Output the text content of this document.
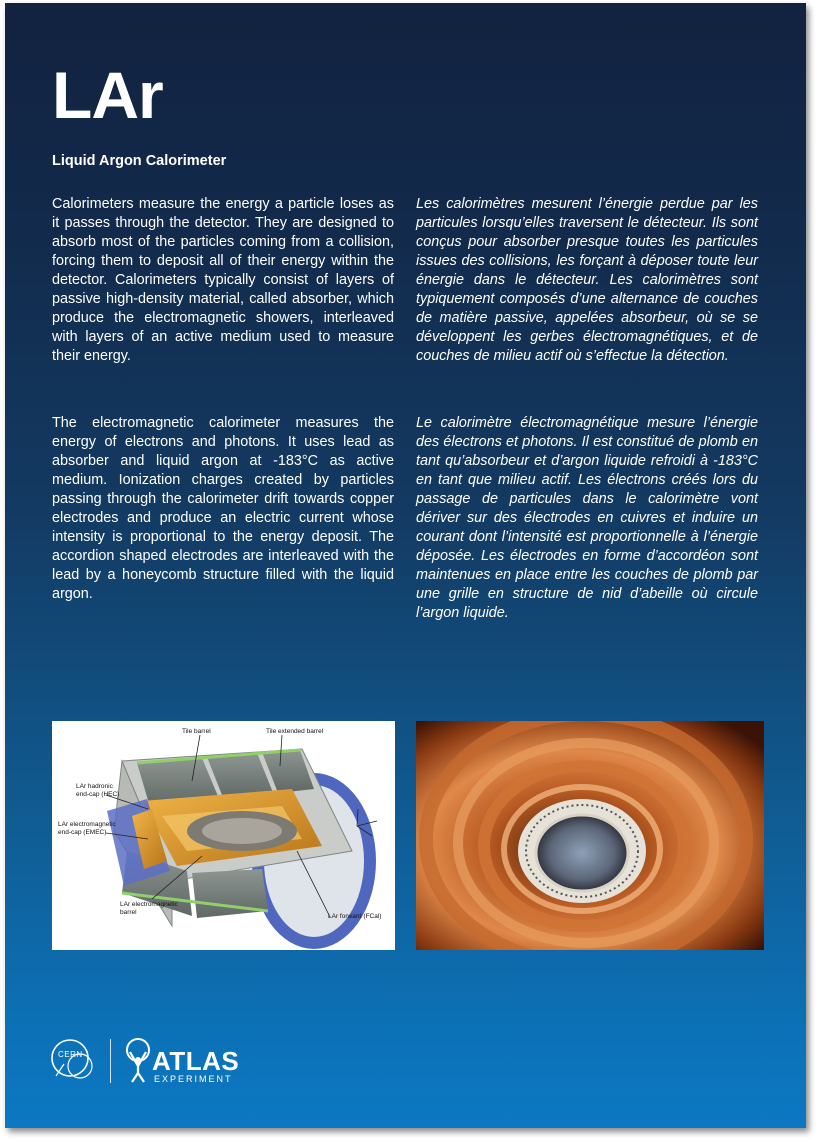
LAr
Liquid Argon Calorimeter
Calorimeters measure the energy a particle loses as it passes through the detector. They are designed to absorb most of the particles coming from a collision, forcing them to deposit all of their energy within the detector. Calorimeters typically consist of layers of passive high-density material, called absorber, which produce the electromagnetic showers, interleaved with layers of an active medium used to measure their energy.
Les calorimètres mesurent l’énergie perdue par les particules lorsqu’elles traversent le détecteur. Ils sont conçus pour absorber presque toutes les particules issues des collisions, les forçant à déposer toute leur énergie dans le détecteur. Les calorimètres sont typiquement composés d’une alternance de couches de matière passive, appelées absorbeur, où se se développent les gerbes électromagnétiques, et de couches de milieu actif où s’effectue la détection.
The electromagnetic calorimeter measures the energy of electrons and photons. It uses lead as absorber and liquid argon at -183°C as active medium. Ionization charges created by particles passing through the calorimeter drift towards copper electrodes and produce an electric current whose intensity is proportional to the energy deposit. The accordion shaped electrodes are interleaved with the lead by a honeycomb structure filled with the liquid argon.
Le calorimètre électromagnétique mesure l’énergie des électrons et photons. Il est constitué de plomb en tant qu’absorbeur et d’argon liquide refroidi à -183°C en tant que milieu actif. Les électrons créés lors du passage de particules dans le calorimètre vont dériver sur des électrodes en cuivres et induire un courant dont l’intensité est proportionnelle à l’énergie déposée. Les électrodes en forme d’accordéon sont maintenues en place entre les couches de plomb par une grille en structure de nid d’abeille où circule l’argon liquide.
Tile barrel	Tile extended barrel
LAr hadronic
end-cap (HEC)
LAr electromagnetic
end-cap (EMEC)
LAr electromagnetic
barrel
LAr forward (FCal)
CERN	ATLAS
EXPERIMENT
